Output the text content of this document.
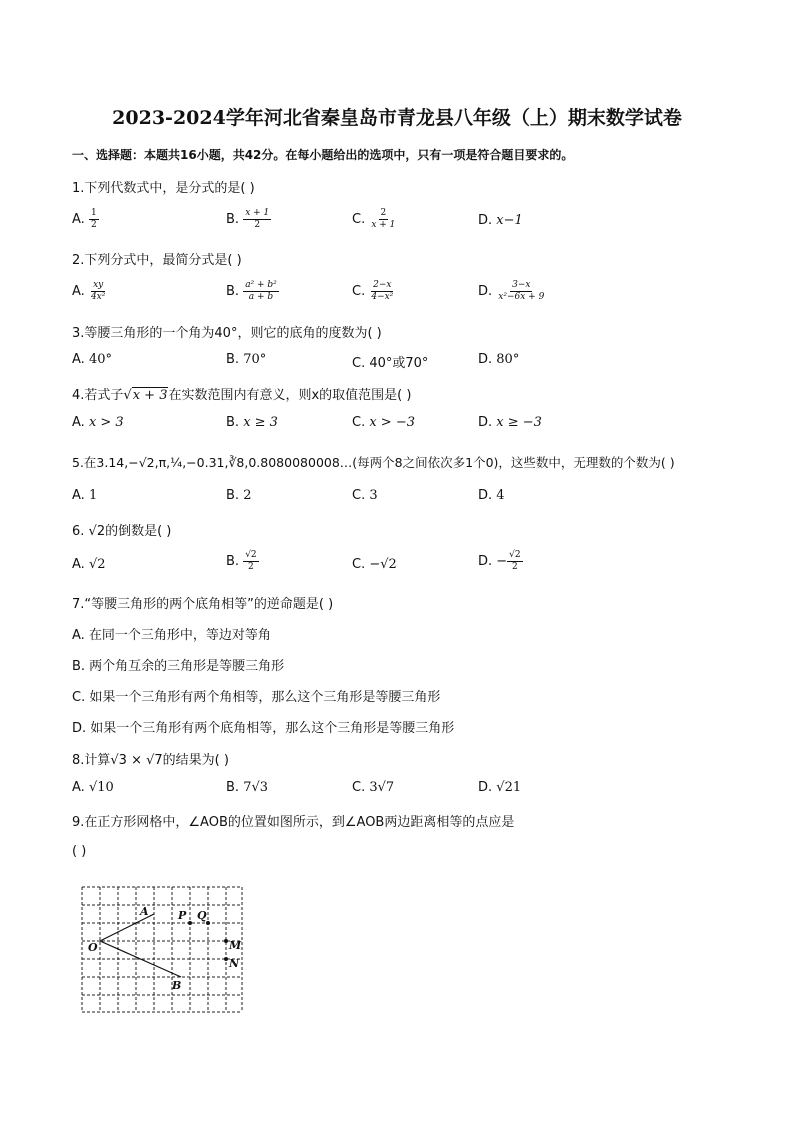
2023-2024学年河北省秦皇岛市青龙县八年级（上）期末数学试卷
一、选择题：本题共16小题，共42分。在每小题给出的选项中，只有一项是符合题目要求的。
1.下列代数式中，是分式的是( )
A. $\frac{1}{2}$	B. $\frac{x + 1}{2}$	C. $\frac{2}{x + 1}$	D. x−1
2.下列分式中，最简分式是( )
A. $\frac{xy}{\text{4x²}}$	B. $\frac{\text{a² + b²}}{a + b}$	C. $\frac{2-x}{\text{4−x²}}$	D. $\frac{3-x}{\text{x²−6x + 9}}$
3.等腰三角形的一个角为40°，则它的底角的度数为( )
A. 40°	B. 70°	C. 40°或70°	D. 80°
4.若式子√x + 3在实数范围内有意义，则x的取值范围是( )
A. x > 3	B. x ≥ 3	C. x > −3	D. x ≥ −3
5.在3.14,−√2,π,¼,−0.31,∛8,0.8080080008…(每两个8之间依次多1个0)，这些数中，无理数的个数为( )
A. 1	B. 2	C. 3	D. 4
6. √2的倒数是( )
A. √2	B. $\frac{√2}{2}$	C. −√2	D. − $\frac{√2}{2}$
7.“等腰三角形的两个底角相等”的逆命题是( )
A. 在同一个三角形中，等边对等角
B. 两个角互余的三角形是等腰三角形
C. 如果一个三角形有两个角相等，那么这个三角形是等腰三角形
D. 如果一个三角形有两个底角相等，那么这个三角形是等腰三角形
8.计算√3 × √7的结果为( )
A. √10	B. 7√3	C. 3√7	D. √21
9.在正方形网格中，∠AOB的位置如图所示，到∠AOB两边距离相等的点应是
( )
O
A
B
P Q
M
N
